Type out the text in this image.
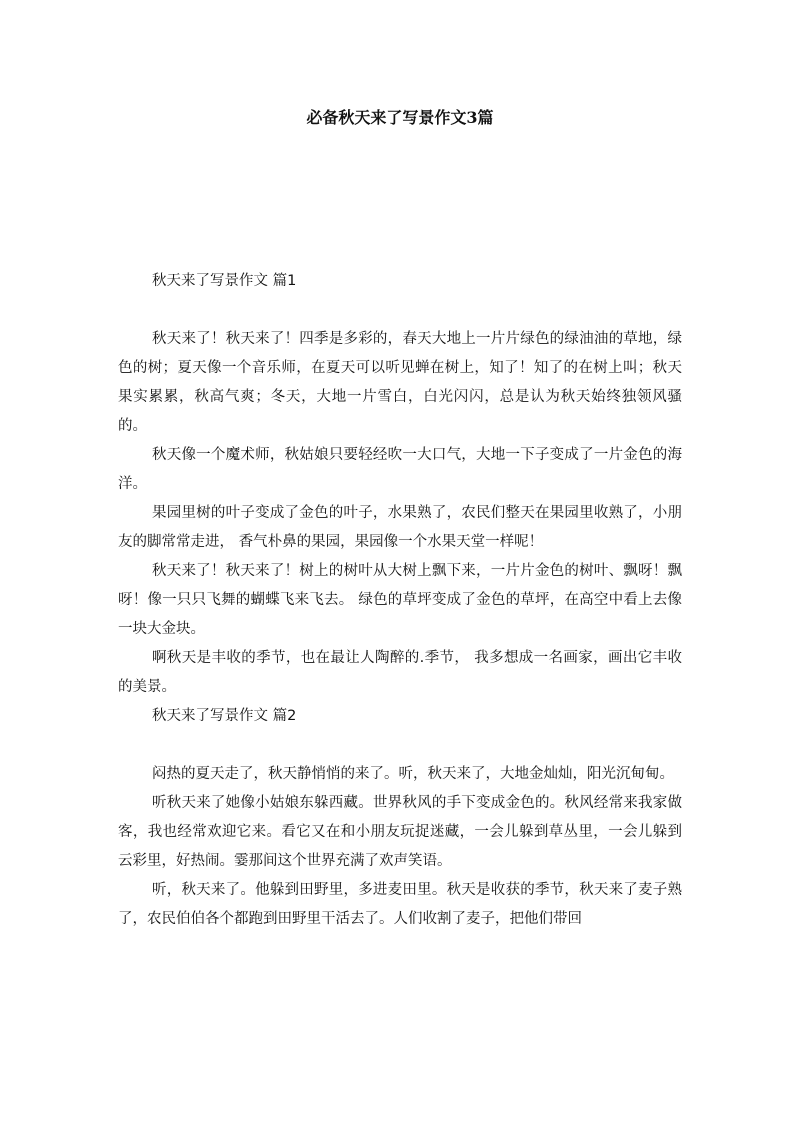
必备秋天来了写景作文3篇

秋天来了写景作文 篇1

秋天来了！秋天来了！四季是多彩的，春天大地上一片片绿色的绿油油的草地，绿色的树；夏天像一个音乐师，在夏天可以听见蝉在树上，知了！知了的在树上叫；秋天果实累累，秋高气爽；冬天，大地一片雪白，白光闪闪，总是认为秋天始终独领风骚的。

秋天像一个魔术师，秋姑娘只要轻经吹一大口气，大地一下子变成了一片金色的海洋。

果园里树的叶子变成了金色的叶子，水果熟了，农民们整天在果园里收熟了，小朋友的脚常常走进， 香气朴鼻的果园，果园像一个水果天堂一样呢！

秋天来了！秋天来了！树上的树叶从大树上飘下来，一片片金色的树叶、飘呀！飘呀！像一只只飞舞的蝴蝶飞来飞去。 绿色的草坪变成了金色的草坪，在高空中看上去像 一块大金块。

啊秋天是丰收的季节，也在最让人陶醉的.季节， 我多想成一名画家，画出它丰收的美景。

秋天来了写景作文 篇2

闷热的夏天走了，秋天静悄悄的来了。听，秋天来了，大地金灿灿，阳光沉甸甸。

听秋天来了她像小姑娘东躲西藏。世界秋风的手下变成金色的。秋风经常来我家做客，我也经常欢迎它来。看它又在和小朋友玩捉迷藏，一会儿躲到草丛里，一会儿躲到云彩里，好热闹。霎那间这个世界充满了欢声笑语。

听，秋天来了。他躲到田野里，多进麦田里。秋天是收获的季节，秋天来了麦子熟了，农民伯伯各个都跑到田野里干活去了。人们收割了麦子，把他们带回
